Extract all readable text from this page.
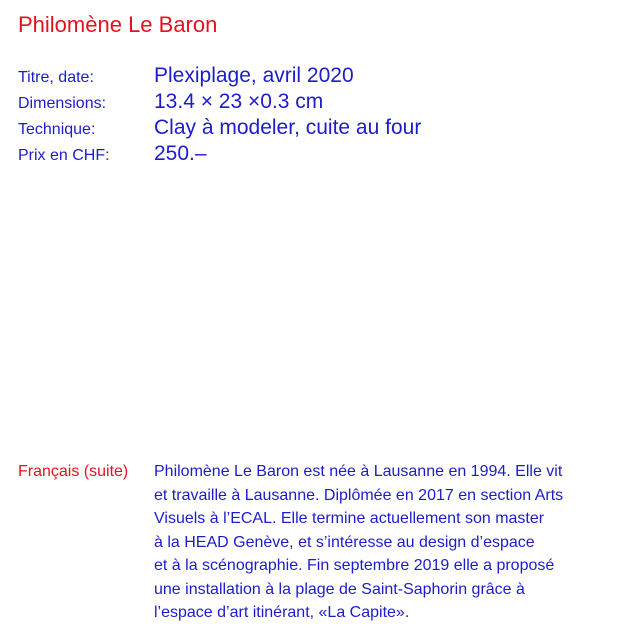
Philomène Le Baron
Titre, date:	Plexiplage, avril 2020
Dimensions:	13.4 × 23 ×0.3 cm
Technique:	Clay à modeler, cuite au four
Prix en CHF:	250.–
Français (suite)	Philomène Le Baron est née à Lausanne en 1994. Elle vit
et travaille à Lausanne. Diplômée en 2017 en section Arts
Visuels à l’ECAL. Elle termine actuellement son master
à la HEAD Genève, et s’intéresse au design d’espace
et à la scénographie. Fin septembre 2019 elle a proposé
une installation à la plage de Saint-Saphorin grâce à
l’espace d’art itinérant, «La Capite».
